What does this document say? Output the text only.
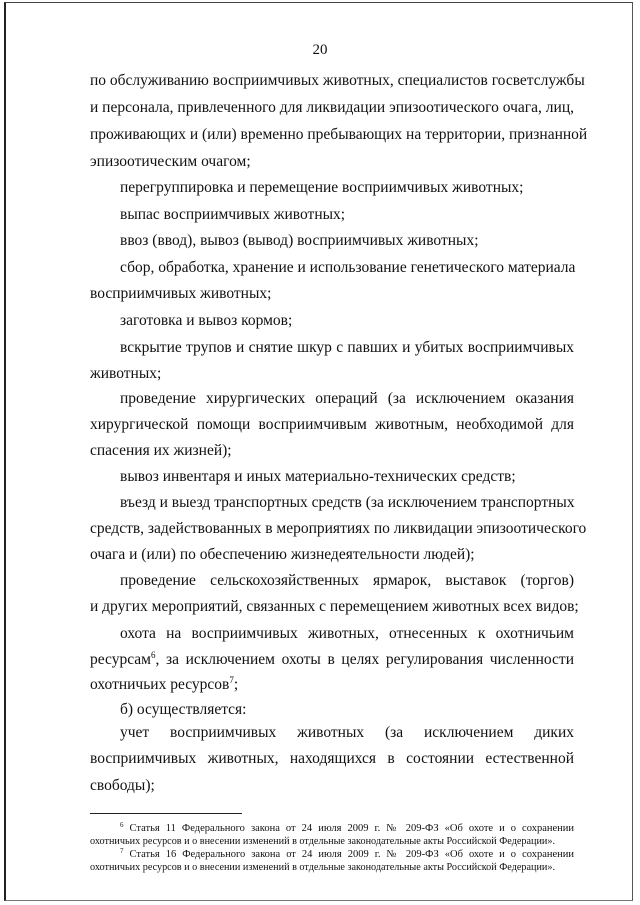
20
по обслуживанию восприимчивых животных, специалистов госветслужбы
и персонала, привлеченного для ликвидации эпизоотического очага, лиц,
проживающих и (или) временно пребывающих на территории, признанной
эпизоотическим очагом;
перегруппировка и перемещение восприимчивых животных;
выпас восприимчивых животных;
ввоз (ввод), вывоз (вывод) восприимчивых животных;
сбор, обработка, хранение и использование генетического материала
восприимчивых животных;
заготовка и вывоз кормов;
вскрытие трупов и снятие шкур с павших и убитых восприимчивых
животных;
проведение хирургических операций (за исключением оказания
хирургической помощи восприимчивым животным, необходимой для
спасения их жизней);
вывоз инвентаря и иных материально-технических средств;
въезд и выезд транспортных средств (за исключением транспортных
средств, задействованных в мероприятиях по ликвидации эпизоотического
очага и (или) по обеспечению жизнедеятельности людей);
проведение сельскохозяйственных ярмарок, выставок (торгов)
и других мероприятий, связанных с перемещением животных всех видов;
охота на восприимчивых животных, отнесенных к охотничьим
ресурсам$^6$, за исключением охоты в целях регулирования численности
охотничьих ресурсов$^7$;
б) осуществляется:
учет восприимчивых животных (за исключением диких
восприимчивых животных, находящихся в состоянии естественной
свободы);
$^6$ Статья 11 Федерального закона от 24 июля 2009 г. № 209-ФЗ «Об охоте и о сохранении
охотничьих ресурсов и о внесении изменений в отдельные законодательные акты Российской Федерации».
$^7$ Статья 16 Федерального закона от 24 июля 2009 г. № 209-ФЗ «Об охоте и о сохранении
охотничьих ресурсов и о внесении изменений в отдельные законодательные акты Российской Федерации».
